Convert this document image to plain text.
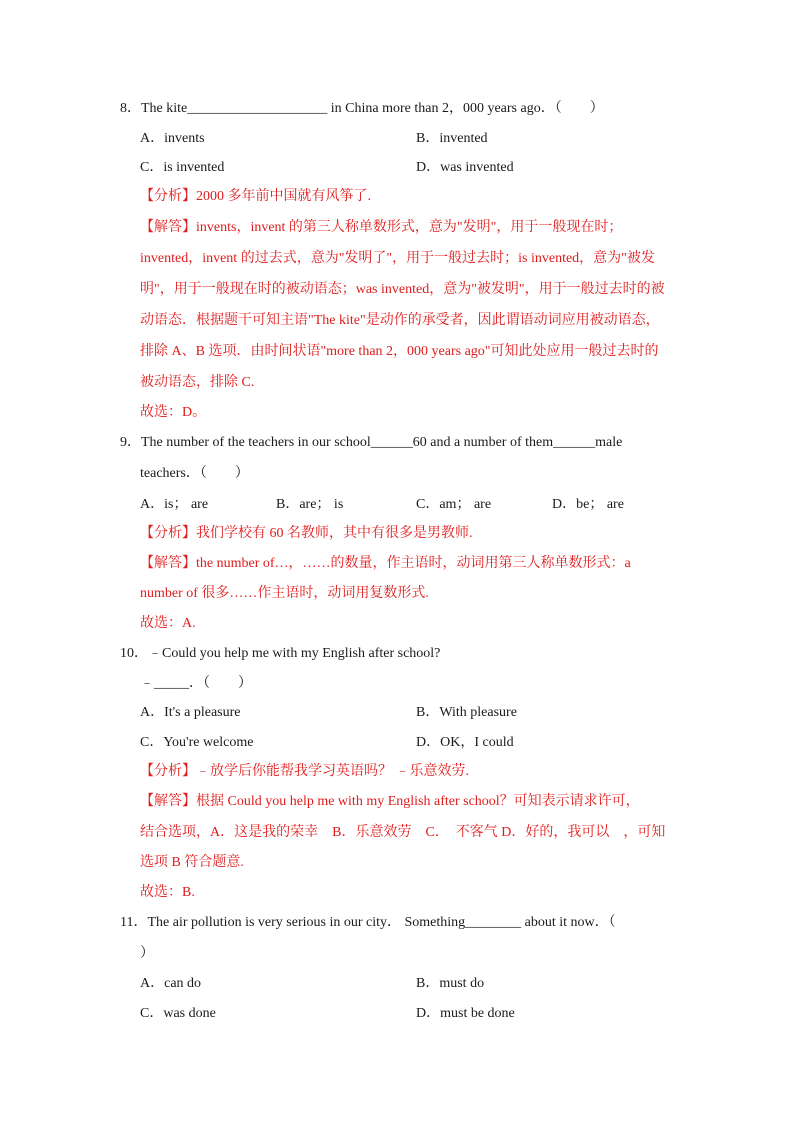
8．The kite____________________ in China more than 2，000 years ago．（　　）
A．invents	B．invented
C．is invented	D．was invented
【分析】2000 多年前中国就有风筝了.
【解答】invents，invent 的第三人称单数形式，意为"发明"，用于一般现在时；
invented，invent 的过去式，意为"发明了"，用于一般过去时；is invented，意为"被发
明"，用于一般现在时的被动语态；was invented，意为"被发明"，用于一般过去时的被
动语态．根据题干可知主语"The kite"是动作的承受者，因此谓语动词应用被动语态，
排除 A、B 选项．由时间状语"more than 2，000 years ago"可知此处应用一般过去时的
被动语态，排除 C.
故选：D。
9．The number of the teachers in our school______60 and a number of them______male
teachers．（　　）
A．is； are	B．are； is	C．am； are	D．be； are
【分析】我们学校有 60 名教师，其中有很多是男教师.
【解答】the number of…，……的数量，作主语时，动词用第三人称单数形式：a
number of 很多……作主语时，动词用复数形式.
故选：A.
10．﹣Could you help me with my English after school?
﹣_____．（　　）
A．It's a pleasure	B．With pleasure
C．You're welcome	D．OK，I could
【分析】﹣放学后你能帮我学习英语吗？ ﹣乐意效劳.
【解答】根据 Could you help me with my English after school？可知表示请求许可，
结合选项，A．这是我的荣幸　B．乐意效劳　C．　不客气 D．好的，我可以　，可知
选项 B 符合题意.
故选：B.
11．The air pollution is very serious in our city． Something________ about it now．（
）
A．can do	B．must do
C．was done	D．must be done
